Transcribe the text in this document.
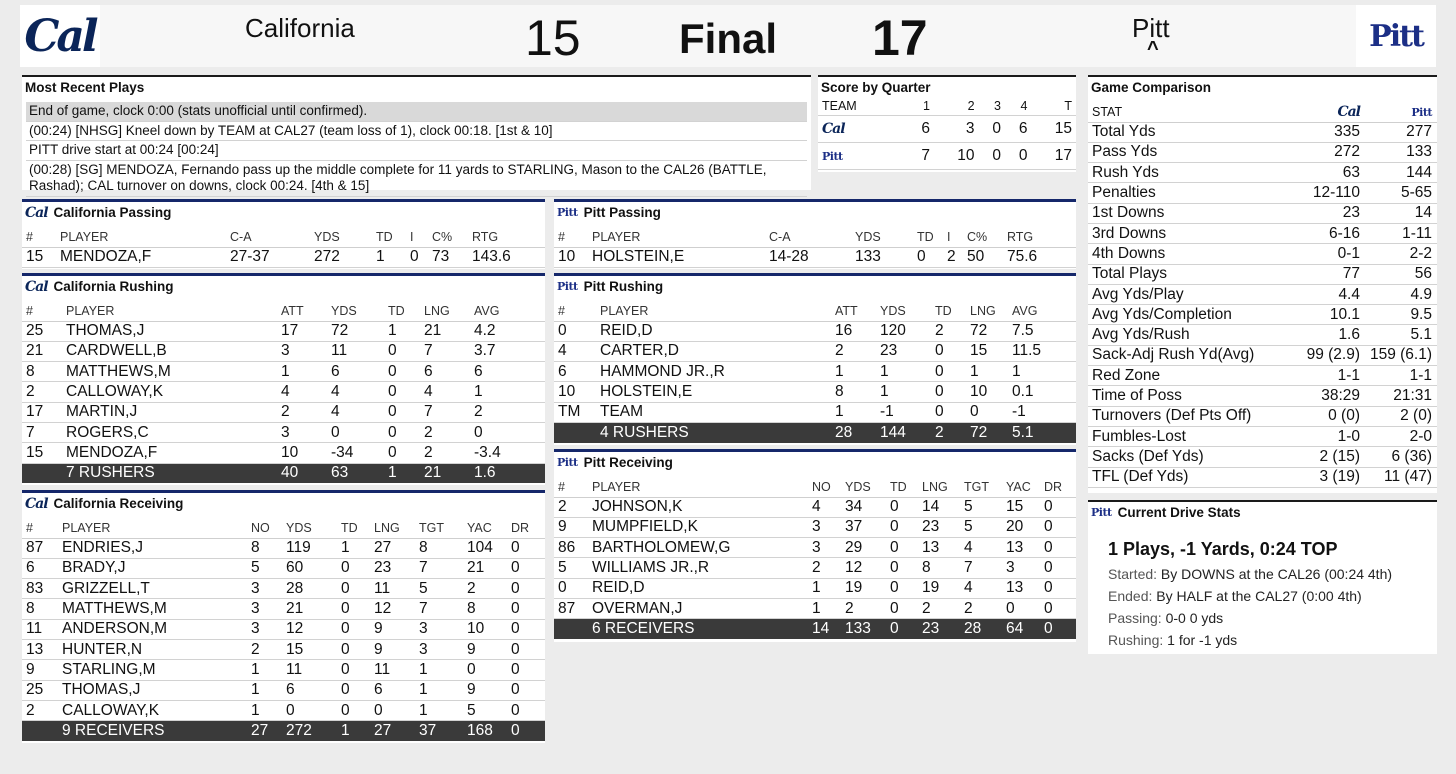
Cal	California	15 Final 17	Pitt
^	Pitt
Most Recent Plays
End of game, clock 0:00 (stats unofficial until confirmed).
(00:24) [NHSG] Kneel down by TEAM at CAL27 (team loss of 1), clock 00:18. [1st & 10]
PITT drive start at 00:24 [00:24]
(00:28) [SG] MENDOZA, Fernando pass up the middle complete for 11 yards to STARLING, Mason to the CAL26 (BATTLE, Rashad); CAL turnover on downs, clock 00:24. [4th & 15]
Score by Quarter
TEAM	1	2	3	4	T
Cal	6	3	0	6	15
Pitt	7	10	0	0	17
Game Comparison
STAT	Cal	Pitt
Total Yds	335	277
Pass Yds	272	133
Rush Yds	63	144
Penalties	12-110	5-65
1st Downs	23	14
3rd Downs	6-16	1-11
4th Downs	0-1	2-2
Total Plays	77	56
Avg Yds/Play	4.4	4.9
Avg Yds/Completion	10.1	9.5
Avg Yds/Rush	1.6	5.1
Sack-Adj Rush Yd(Avg)	99 (2.9)	159 (6.1)
Red Zone	1-1	1-1
Time of Poss	38:29	21:31
Turnovers (Def Pts Off)	0 (0)	2 (0)
Fumbles-Lost	1-0	2-0
Sacks (Def Yds)	2 (15)	6 (36)
TFL (Def Yds)	3 (19)	11 (47)
Pitt Current Drive Stats
1 Plays, -1 Yards, 0:24 TOP
Started: By DOWNS at the CAL26 (00:24 4th)
Ended: By HALF at the CAL27 (0:00 4th)
Passing: 0-0 0 yds
Rushing: 1 for -1 yds
Cal California Passing
#	PLAYER	C-A	YDS	TD	I	C%	RTG
15	MENDOZA,F	27-37	272	1	0	73	143.6
Pitt Pitt Passing
#	PLAYER	C-A	YDS	TD	I	C%	RTG
10	HOLSTEIN,E	14-28	133	0	2	50	75.6
Cal California Rushing
#	PLAYER	ATT	YDS	TD	LNG	AVG
25	THOMAS,J	17	72	1	21	4.2
21	CARDWELL,B	3	11	0	7	3.7
8	MATTHEWS,M	1	6	0	6	6
2	CALLOWAY,K	4	4	0	4	1
17	MARTIN,J	2	4	0	7	2
7	ROGERS,C	3	0	0	2	0
15	MENDOZA,F	10	-34	0	2	-3.4
	7 RUSHERS	40	63	1	21	1.6
Pitt Pitt Rushing
#	PLAYER	ATT	YDS	TD	LNG	AVG
0	REID,D	16	120	2	72	7.5
4	CARTER,D	2	23	0	15	11.5
6	HAMMOND JR.,R	1	1	0	1	1
10	HOLSTEIN,E	8	1	0	10	0.1
TM	TEAM	1	-1	0	0	-1
	4 RUSHERS	28	144	2	72	5.1
Cal California Receiving
#	PLAYER	NO	YDS	TD	LNG	TGT	YAC	DR
87	ENDRIES,J	8	119	1	27	8	104	0
6	BRADY,J	5	60	0	23	7	21	0
83	GRIZZELL,T	3	28	0	11	5	2	0
8	MATTHEWS,M	3	21	0	12	7	8	0
11	ANDERSON,M	3	12	0	9	3	10	0
13	HUNTER,N	2	15	0	9	3	9	0
9	STARLING,M	1	11	0	11	1	0	0
25	THOMAS,J	1	6	0	6	1	9	0
2	CALLOWAY,K	1	0	0	0	1	5	0
	9 RECEIVERS	27	272	1	27	37	168	0
Pitt Pitt Receiving
#	PLAYER	NO	YDS	TD	LNG	TGT	YAC	DR
2	JOHNSON,K	4	34	0	14	5	15	0
9	MUMPFIELD,K	3	37	0	23	5	20	0
86	BARTHOLOMEW,G	3	29	0	13	4	13	0
5	WILLIAMS JR.,R	2	12	0	8	7	3	0
0	REID,D	1	19	0	19	4	13	0
87	OVERMAN,J	1	2	0	2	2	0	0
	6 RECEIVERS	14	133	0	23	28	64	0
